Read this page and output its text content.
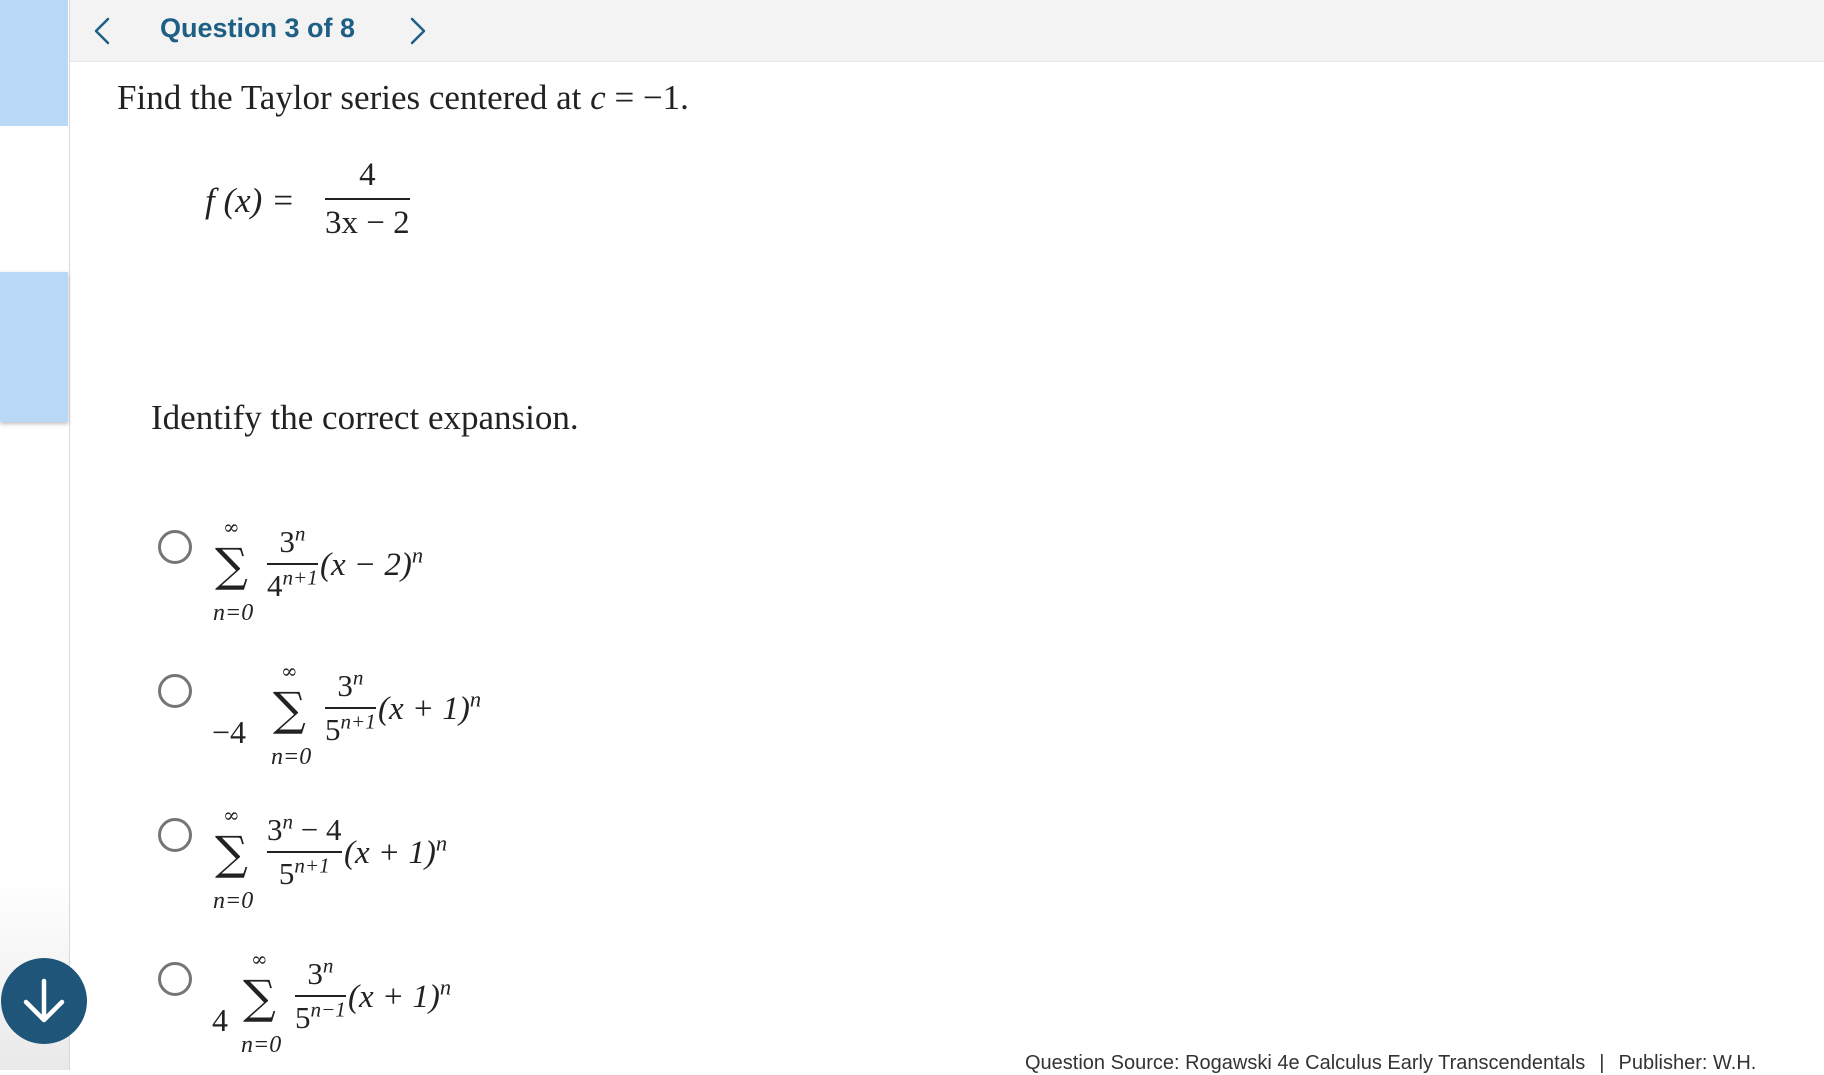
Question 3 of 8
Find the Taylor series centered at c = −1.
f (x) =
4
3x − 2
Identify the correct expansion.
∞
∑
n=0
3$^n$
$4^{n+1}$ $(x - 2)^n$
−4
∞
∑
n=0
3$^n$
$5^{n+1}$ $(x + 1)^n$
∞
∑
n=0
$3^n - 4$
$5^{n+1}$ $(x + 1)^n$
4
∞
∑
n=0
3$^n$
$5^{n-1}$ $(x + 1)^n$
Question Source: Rogawski 4e Calculus Early Transcendentals | Publisher: W.H.
